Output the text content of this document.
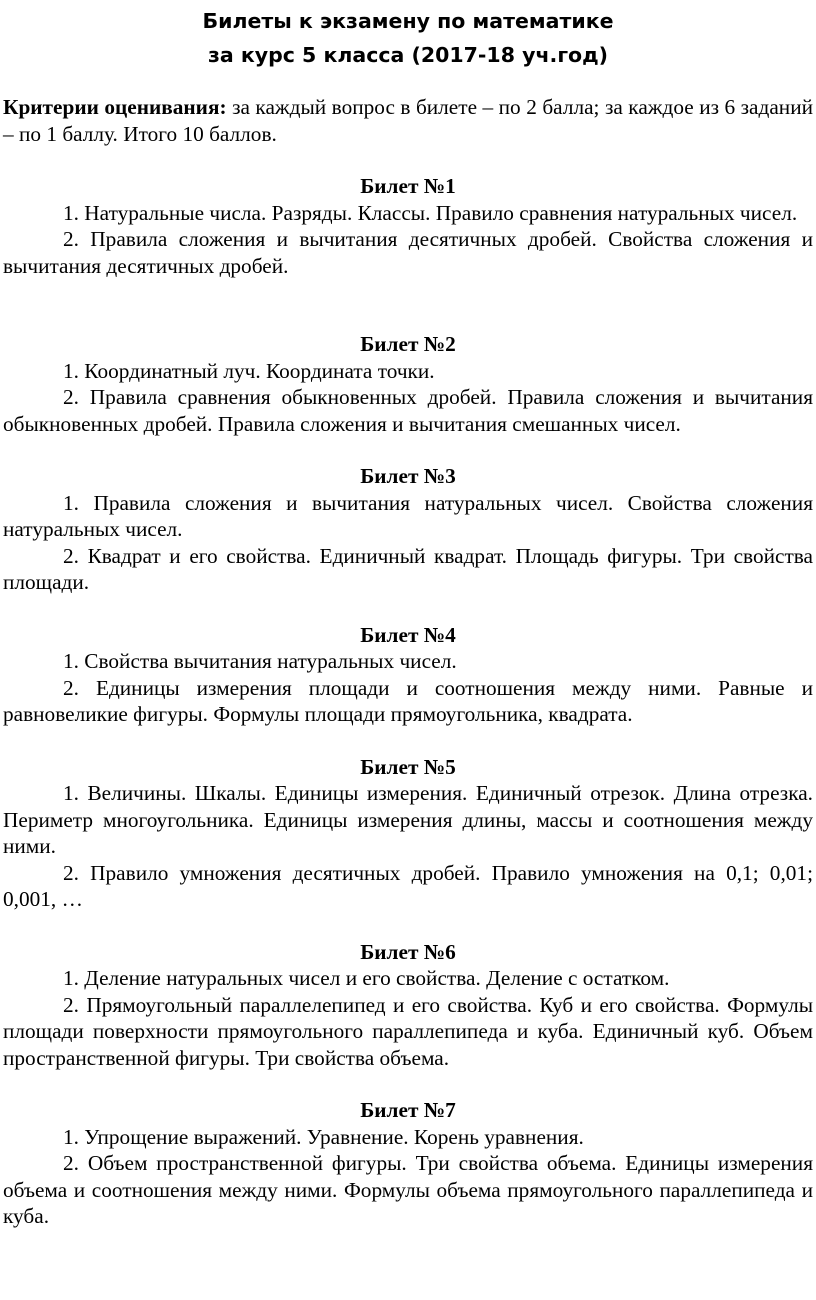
Билеты к экзамену по математике

за курс 5 класса (2017-18 уч.год)

Критерии оценивания: за каждый вопрос в билете – по 2 балла; за каждое из 6 заданий – по 1 баллу. Итого 10 баллов.

Билет №1

1. Натуральные числа. Разряды. Классы. Правило сравнения натуральных чисел.

2. Правила сложения и вычитания десятичных дробей. Свойства сложения и вычитания десятичных дробей.

Билет №2

1. Координатный луч. Координата точки.

2. Правила сравнения обыкновенных дробей. Правила сложения и вычитания обыкновенных дробей. Правила сложения и вычитания смешанных чисел.

Билет №3

1. Правила сложения и вычитания натуральных чисел. Свойства сложения натуральных чисел.

2. Квадрат и его свойства. Единичный квадрат. Площадь фигуры. Три свойства площади.

Билет №4

1. Свойства вычитания натуральных чисел.

2. Единицы измерения площади и соотношения между ними. Равные и равновеликие фигуры. Формулы площади прямоугольника, квадрата.

Билет №5

1. Величины. Шкалы. Единицы измерения. Единичный отрезок. Длина отрезка. Периметр многоугольника. Единицы измерения длины, массы и соотношения между ними.

2. Правило умножения десятичных дробей. Правило умножения на 0,1; 0,01; 0,001, …

Билет №6

1. Деление натуральных чисел и его свойства. Деление с остатком.

2. Прямоугольный параллелепипед и его свойства. Куб и его свойства. Формулы площади поверхности прямоугольного параллепипеда и куба. Единичный куб. Объем пространственной фигуры. Три свойства объема.

Билет №7

1. Упрощение выражений. Уравнение. Корень уравнения.

2. Объем пространственной фигуры. Три свойства объема. Единицы измерения объема и соотношения между ними. Формулы объема прямоугольного параллепипеда и куба.
